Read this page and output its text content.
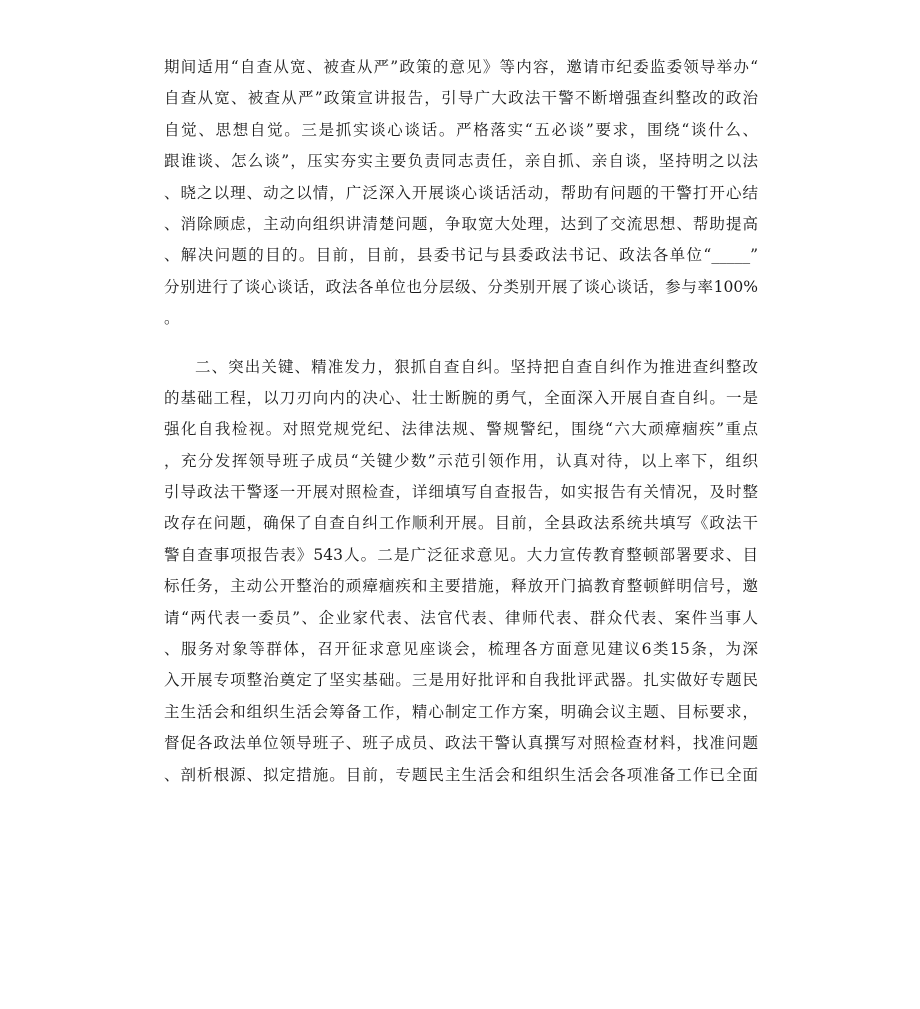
期间适用“自查从宽、被查从严”政策的意见》等内容，邀请市纪委监委领导举办“
自查从宽、被查从严”政策宣讲报告，引导广大政法干警不断增强查纠整改的政治
自觉、思想自觉。三是抓实谈心谈话。严格落实“五必谈”要求，围绕“谈什么、
跟谁谈、怎么谈”，压实夯实主要负责同志责任，亲自抓、亲自谈，坚持明之以法
、晓之以理、动之以情，广泛深入开展谈心谈话活动，帮助有问题的干警打开心结
、消除顾虑，主动向组织讲清楚问题，争取宽大处理，达到了交流思想、帮助提高
、解决问题的目的。目前，目前，县委书记与县委政法书记、政法各单位“_____”
分别进行了谈心谈话，政法各单位也分层级、分类别开展了谈心谈话，参与率100%
。
二、突出关键、精准发力，狠抓自查自纠。坚持把自查自纠作为推进查纠整改
的基础工程，以刀刃向内的决心、壮士断腕的勇气，全面深入开展自查自纠。一是
强化自我检视。对照党规党纪、法律法规、警规警纪，围绕“六大顽瘴痼疾”重点
，充分发挥领导班子成员“关键少数”示范引领作用，认真对待，以上率下，组织
引导政法干警逐一开展对照检查，详细填写自查报告，如实报告有关情况，及时整
改存在问题，确保了自查自纠工作顺利开展。目前，全县政法系统共填写《政法干
警自查事项报告表》543人。二是广泛征求意见。大力宣传教育整顿部署要求、目
标任务，主动公开整治的顽瘴痼疾和主要措施，释放开门搞教育整顿鲜明信号，邀
请“两代表一委员”、企业家代表、法官代表、律师代表、群众代表、案件当事人
、服务对象等群体，召开征求意见座谈会，梳理各方面意见建议6类15条，为深
入开展专项整治奠定了坚实基础。三是用好批评和自我批评武器。扎实做好专题民
主生活会和组织生活会筹备工作，精心制定工作方案，明确会议主题、目标要求，
督促各政法单位领导班子、班子成员、政法干警认真撰写对照检查材料，找准问题
、剖析根源、拟定措施。目前，专题民主生活会和组织生活会各项准备工作已全面
